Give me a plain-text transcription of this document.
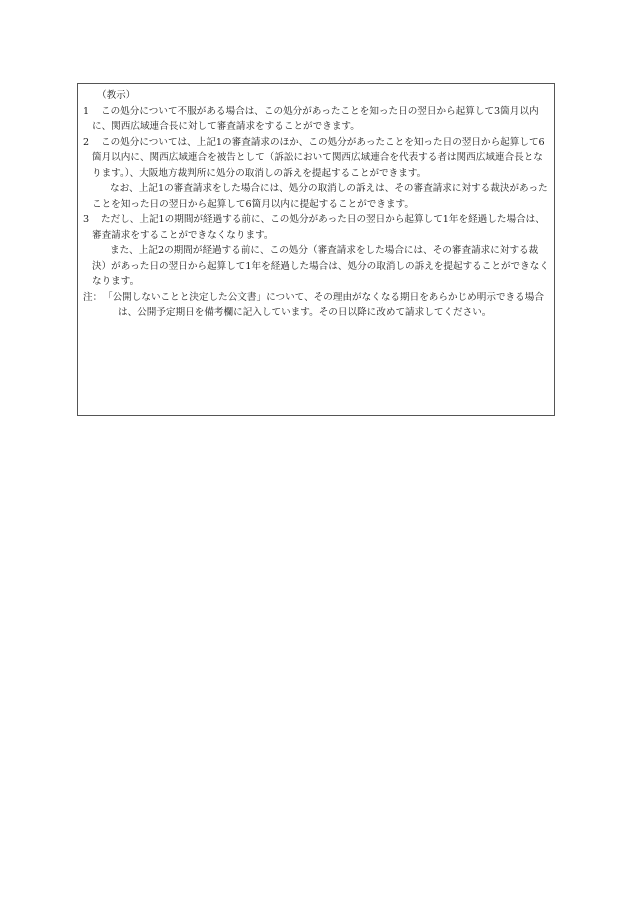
（教示）
1	この処分について不服がある場合は、この処分があったことを知った日の翌日から起算して3箇月以内に、関西広域連合長に対して審査請求をすることができます。
2	この処分については、上記1の審査請求のほか、この処分があったことを知った日の翌日から起算して6箇月以内に、関西広域連合を被告として（訴訟において関西広域連合を代表する者は関西広域連合長となります。）、大阪地方裁判所に処分の取消しの訴えを提起することができます。
なお、上記1の審査請求をした場合には、処分の取消しの訴えは、その審査請求に対する裁決があったことを知った日の翌日から起算して6箇月以内に提起することができます。
3	ただし、上記1の期間が経過する前に、この処分があった日の翌日から起算して1年を経過した場合は、審査請求をすることができなくなります。
また、上記2の期間が経過する前に、この処分（審査請求をした場合には、その審査請求に対する裁決）があった日の翌日から起算して1年を経過した場合は、処分の取消しの訴えを提起することができなくなります。
注： 「公開しないことと決定した公文書」について、その理由がなくなる期日をあらかじめ明示できる場合は、公開予定期日を備考欄に記入しています。その日以降に改めて請求してください。
